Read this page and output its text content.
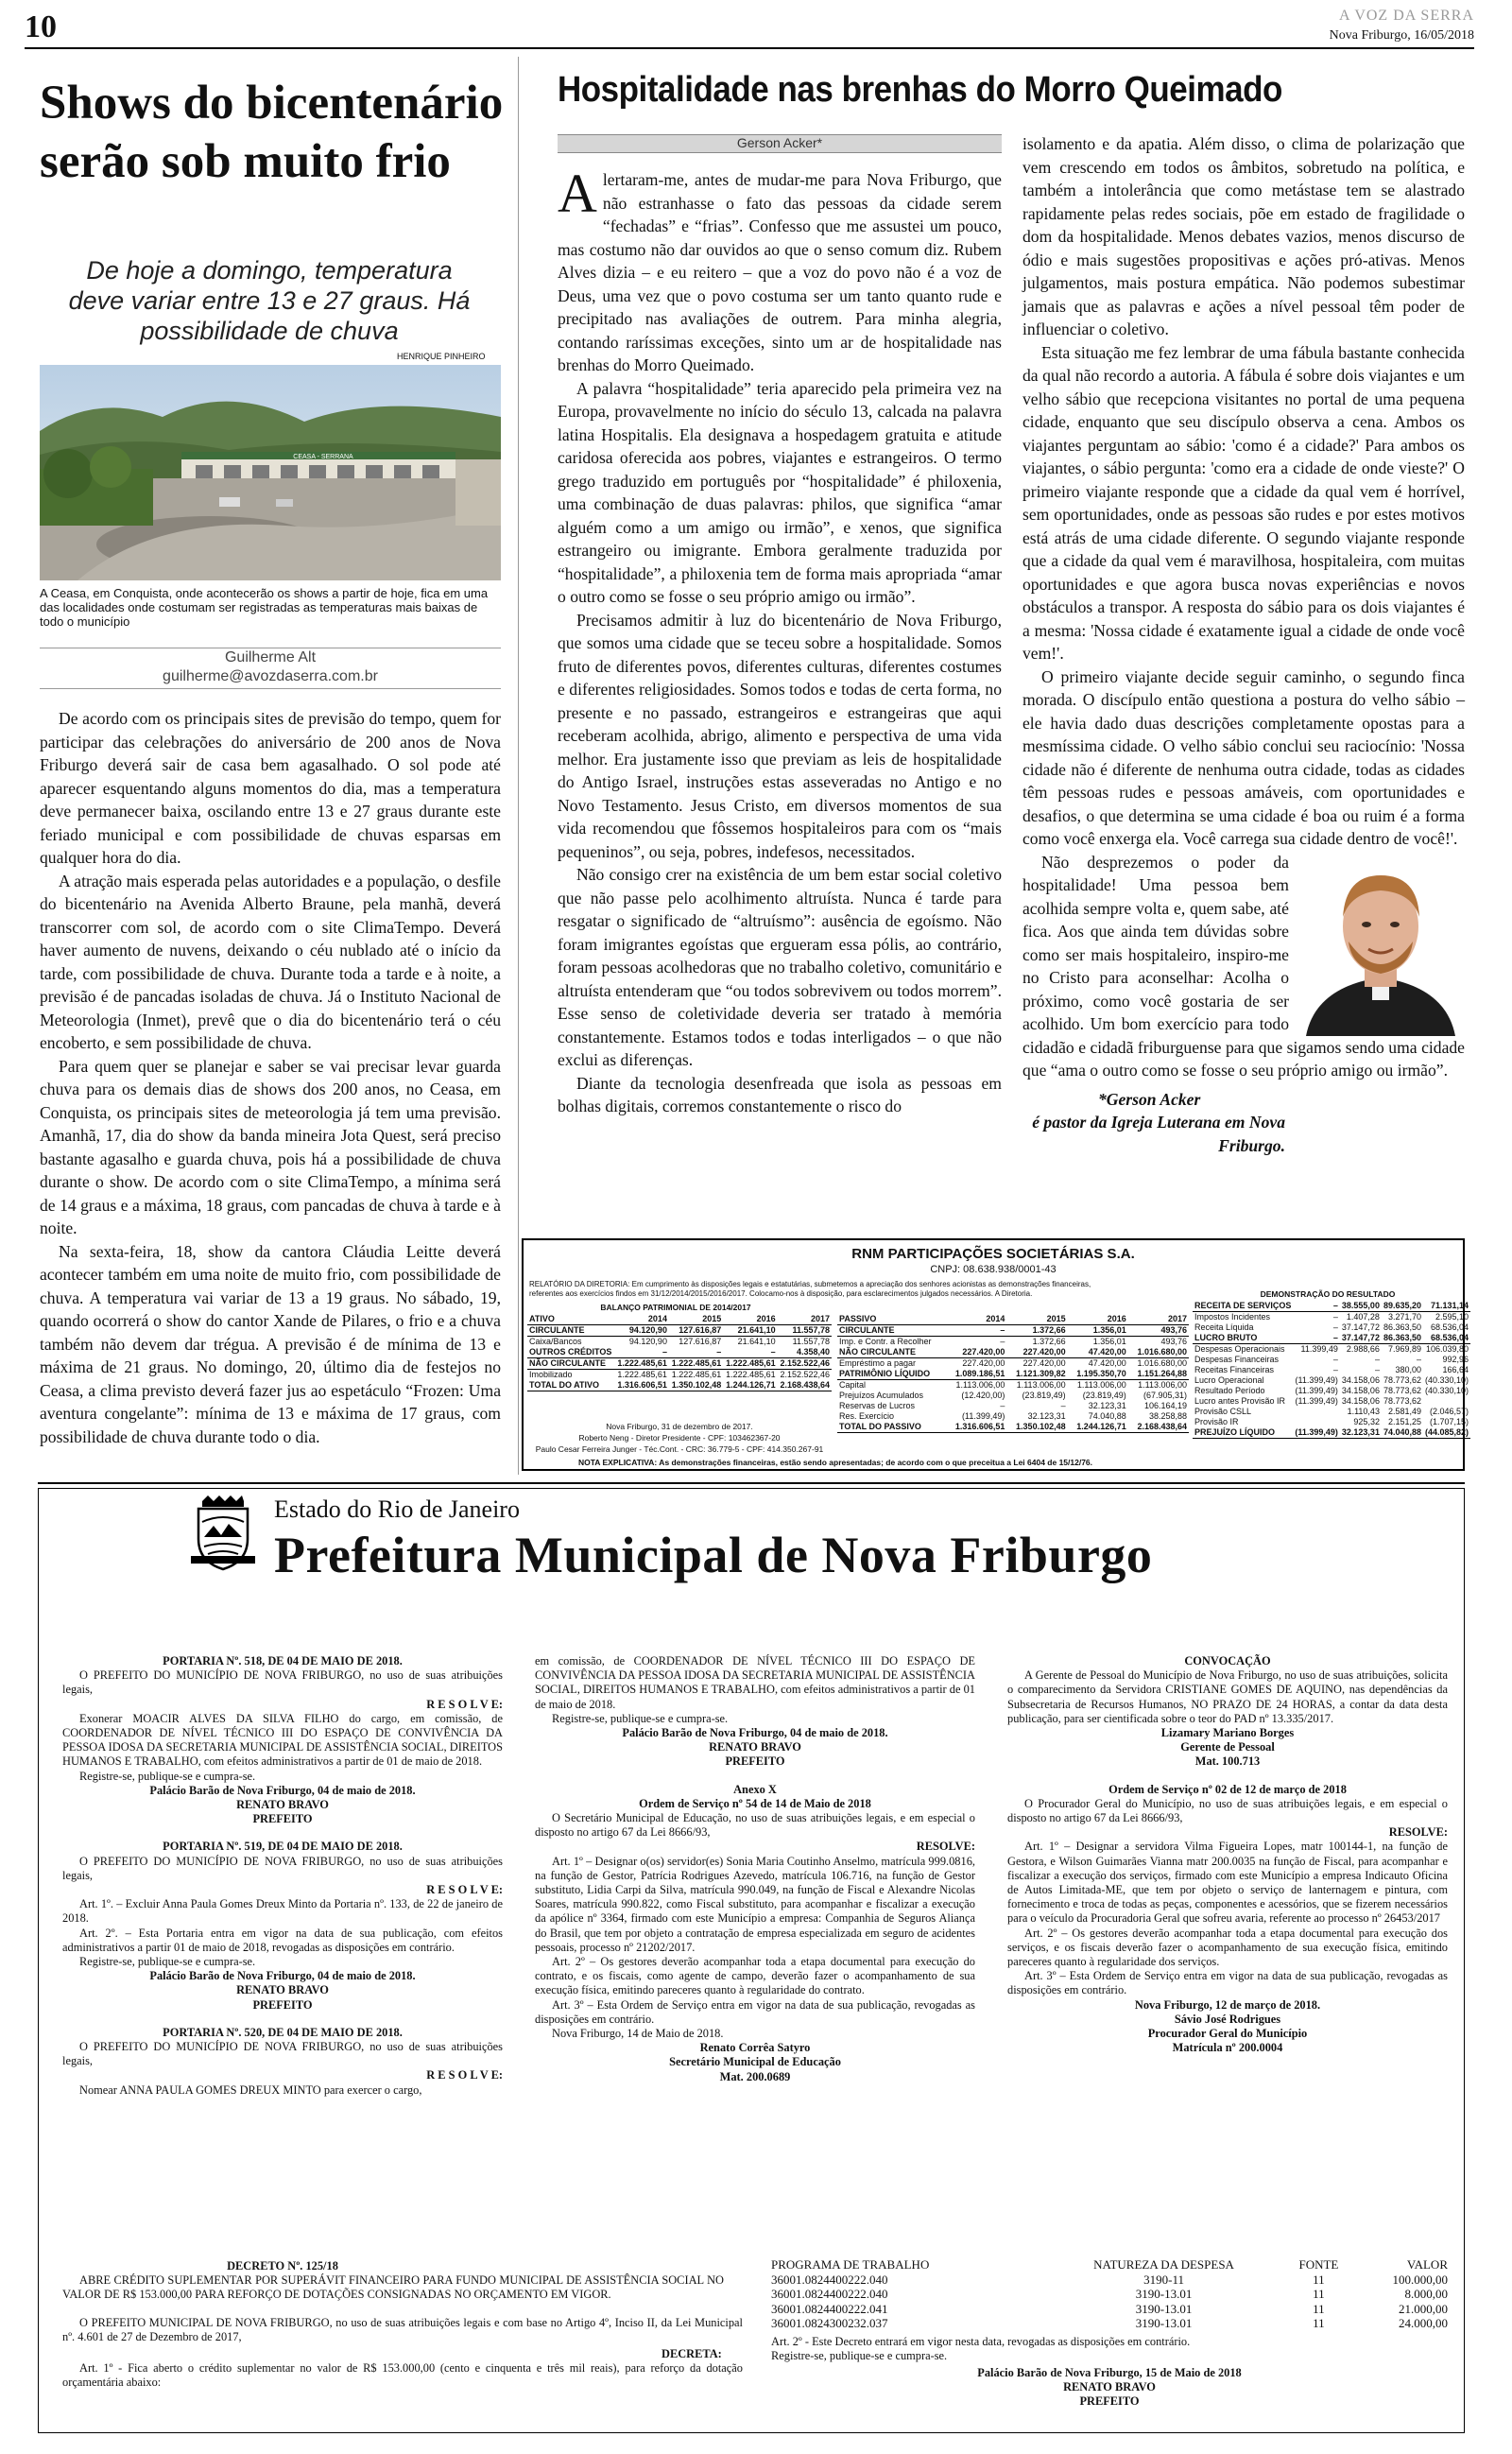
10	A VOZ DA SERRA
Nova Friburgo, 16/05/2018
Shows do bicentenário serão sob muito frio
De hoje a domingo, temperatura deve variar entre 13 e 27 graus. Há possibilidade de chuva
HENRIQUE PINHEIRO
CEASA - SERRANA
A Ceasa, em Conquista, onde acontecerão os shows a partir de hoje, fica em uma das localidades onde costumam ser registradas as temperaturas mais baixas de todo o município
Guilherme Alt
guilherme@avozdaserra.com.br

De acordo com os principais sites de previsão do tempo, quem for participar das celebrações do aniversário de 200 anos de Nova Friburgo deverá sair de casa bem agasalhado. O sol pode até aparecer esquentando alguns momentos do dia, mas a temperatura deve permanecer baixa, oscilando entre 13 e 27 graus durante este feriado municipal e com possibilidade de chuvas esparsas em qualquer hora do dia.

A atração mais esperada pelas autoridades e a população, o desfile do bicentenário na Avenida Alberto Braune, pela manhã, deverá transcorrer com sol, de acordo com o site ClimaTempo. Deverá haver aumento de nuvens, deixando o céu nublado até o início da tarde, com possibilidade de chuva. Durante toda a tarde e à noite, a previsão é de pancadas isoladas de chuva. Já o Instituto Nacional de Meteorologia (Inmet), prevê que o dia do bicentenário terá o céu encoberto, e sem possibilidade de chuva.

Para quem quer se planejar e saber se vai precisar levar guarda chuva para os demais dias de shows dos 200 anos, no Ceasa, em Conquista, os principais sites de meteorologia já tem uma previsão. Amanhã, 17, dia do show da banda mineira Jota Quest, será preciso bastante agasalho e guarda chuva, pois há a possibilidade de chuva durante o show. De acordo com o site ClimaTempo, a mínima será de 14 graus e a máxima, 18 graus, com pancadas de chuva à tarde e à noite.

Na sexta-feira, 18, show da cantora Cláudia Leitte deverá acontecer também em uma noite de muito frio, com possibilidade de chuva. A temperatura vai variar de 13 a 19 graus. No sábado, 19, quando ocorrerá o show do cantor Xande de Pilares, o frio e a chuva também não devem dar trégua. A previsão é de mínima de 13 e máxima de 21 graus. No domingo, 20, último dia de festejos no Ceasa, a clima previsto deverá fazer jus ao espetáculo “Frozen: Uma aventura congelante”: mínima de 13 e máxima de 17 graus, com possibilidade de chuva durante todo o dia.

Hospitalidade nas brenhas do Morro Queimado
Gerson Acker*

A lertaram-me, antes de mudar-me para Nova Friburgo, que não estranhasse o fato das pessoas da cidade serem “fechadas” e “frias”. Confesso que me assustei um pouco, mas costumo não dar ouvidos ao que o senso comum diz. Rubem Alves dizia – e eu reitero – que a voz do povo não é a voz de Deus, uma vez que o povo costuma ser um tanto quanto rude e precipitado nas avaliações de outrem. Para minha alegria, contando raríssimas exceções, sinto um ar de hospitalidade nas brenhas do Morro Queimado.

A palavra “hospitalidade” teria aparecido pela primeira vez na Europa, provavelmente no início do século 13, calcada na palavra latina Hospitalis. Ela designava a hospedagem gratuita e atitude caridosa oferecida aos pobres, viajantes e estrangeiros. O termo grego traduzido em português por “hospitalidade” é philoxenia, uma combinação de duas palavras: philos, que significa “amar alguém como a um amigo ou irmão”, e xenos, que significa estrangeiro ou imigrante. Embora geralmente traduzida por “hospitalidade”, a philoxenia tem de forma mais apropriada “amar o outro como se fosse o seu próprio amigo ou irmão”.

Precisamos admitir à luz do bicentenário de Nova Friburgo, que somos uma cidade que se teceu sobre a hospitalidade. Somos fruto de diferentes povos, diferentes culturas, diferentes costumes e diferentes religiosidades. Somos todos e todas de certa forma, no presente e no passado, estrangeiros e estrangeiras que aqui receberam acolhida, abrigo, alimento e perspectiva de uma vida melhor. Era justamente isso que previam as leis de hospitalidade do Antigo Israel, instruções estas asseveradas no Antigo e no Novo Testamento. Jesus Cristo, em diversos momentos de sua vida recomendou que fôssemos hospitaleiros para com os “mais pequeninos”, ou seja, pobres, indefesos, necessitados.

Não consigo crer na existência de um bem estar social coletivo que não passe pelo acolhimento altruísta. Nunca é tarde para resgatar o significado de “altruísmo”: ausência de egoísmo. Não foram imigrantes egoístas que ergueram essa pólis, ao contrário, foram pessoas acolhedoras que no trabalho coletivo, comunitário e altruísta entenderam que “ou todos sobrevivem ou todos morrem”. Esse senso de coletividade deveria ser tratado à memória constantemente. Estamos todos e todas interligados – o que não exclui as diferenças.

Diante da tecnologia desenfreada que isola as pessoas em bolhas digitais, corremos constantemente o risco do

isolamento e da apatia. Além disso, o clima de polarização que vem crescendo em todos os âmbitos, sobretudo na política, e também a intolerância que como metástase tem se alastrado rapidamente pelas redes sociais, põe em estado de fragilidade o dom da hospitalidade. Menos debates vazios, menos discurso de ódio e mais sugestões propositivas e ações pró-ativas. Menos julgamentos, mais postura empática. Não podemos subestimar jamais que as palavras e ações a nível pessoal têm poder de influenciar o coletivo.

Esta situação me fez lembrar de uma fábula bastante conhecida da qual não recordo a autoria. A fábula é sobre dois viajantes e um velho sábio que recepciona visitantes no portal de uma pequena cidade, enquanto que seu discípulo observa a cena. Ambos os viajantes perguntam ao sábio: 'como é a cidade?' Para ambos os viajantes, o sábio pergunta: 'como era a cidade de onde vieste?' O primeiro viajante responde que a cidade da qual vem é horrível, sem oportunidades, onde as pessoas são rudes e por estes motivos está atrás de uma cidade diferente. O segundo viajante responde que a cidade da qual vem é maravilhosa, hospitaleira, com muitas oportunidades e que agora busca novas experiências e novos obstáculos a transpor. A resposta do sábio para os dois viajantes é a mesma: 'Nossa cidade é exatamente igual a cidade de onde você vem!'.

O primeiro viajante decide seguir caminho, o segundo finca morada. O discípulo então questiona a postura do velho sábio – ele havia dado duas descrições completamente opostas para a mesmíssima cidade. O velho sábio conclui seu raciocínio: 'Nossa cidade não é diferente de nenhuma outra cidade, todas as cidades têm pessoas rudes e pessoas amáveis, com oportunidades e desafios, o que determina se uma cidade é boa ou ruim é a forma como você enxerga ela. Você carrega sua cidade dentro de você!'.

Não desprezemos o poder da hospitalidade! Uma pessoa bem acolhida sempre volta e, quem sabe, até fica. Aos que ainda tem dúvidas sobre como ser mais hospitaleiro, inspiro-me no Cristo para aconselhar: Acolha o próximo, como você gostaria de ser acolhido. Um bom exercício para todo cidadão e cidadã friburguense para que sigamos sendo uma cidade que “ama o outro como se fosse o seu próprio amigo ou irmão”.

*Gerson Acker

é pastor da Igreja Luterana em Nova Friburgo.

RNM PARTICIPAÇÕES SOCIETÁRIAS S.A.
CNPJ: 08.638.938/0001-43
RELATÓRIO DA DIRETORIA: Em cumprimento às disposições legais e estatutárias, submetemos a apreciação dos senhores acionistas as demonstrações financeiras, referentes aos exercícios findos em 31/12/2014/2015/2016/2017. Colocamo-nos à disposição, para esclarecimentos julgados necessários. A Diretoria.
BALANÇO PATRIMONIAL DE 2014/2017
DEMONSTRAÇÃO DO RESULTADO
ATIVO	2014	2015	2016	2017
CIRCULANTE	94.120,90	127.616,87	21.641,10	11.557,78
Caixa/Bancos	94.120,90	127.616,87	21.641,10	11.557,78
OUTROS CRÉDITOS	–	–	–	4.358,40
NÃO CIRCULANTE	1.222.485,61	1.222.485,61	1.222.485,61	2.152.522,46
Imobilizado	1.222.485,61	1.222.485,61	1.222.485,61	2.152.522,46
TOTAL DO ATIVO	1.316.606,51	1.350.102,48	1.244.126,71	2.168.438,64
PASSIVO	2014	2015	2016	2017
CIRCULANTE	–	1.372,66	1.356,01	493,76
Imp. e Contr. a Recolher	–	1.372,66	1.356,01	493,76
NÃO CIRCULANTE	227.420,00	227.420,00	47.420,00	1.016.680,00
Empréstimo a pagar	227.420,00	227.420,00	47.420,00	1.016.680,00
PATRIMÔNIO LÍQUIDO	1.089.186,51	1.121.309,82	1.195.350,70	1.151.264,88
Capital	1.113.006,00	1.113.006,00	1.113.006,00	1.113.006,00
Prejuízos Acumulados	(12.420,00)	(23.819,49)	(23.819,49)	(67.905,31)
Reservas de Lucros	–	–	32.123,31	106.164,19
Res. Exercício	(11.399,49)	32.123,31	74.040,88	38.258,88
TOTAL DO PASSIVO	1.316.606,51	1.350.102,48	1.244.126,71	2.168.438,64
RECEITA DE SERVIÇOS	–	38.555,00	89.635,20	71.131,14
Impostos Incidentes	–	1.407,28	3.271,70	2.595,10
Receita Líquida	–	37.147,72	86.363,50	68.536,04
LUCRO BRUTO	–	37.147,72	86.363,50	68.536,04
Despesas Operacionais	11.399,49	2.988,66	7.969,89	106.039,80
Despesas Financeiras	–	–	–	992,96
Receitas Financeiras	–	–	380,00	166,64
Lucro Operacional	(11.399,49)	34.158,06	78.773,62	(40.330,10)
Resultado Período	(11.399,49)	34.158,06	78.773,62	(40.330,10)
Lucro antes Provisão IR	(11.399,49)	34.158,06	78.773,62	
Provisão CSLL		1.110,43	2.581,49	(2.046,57)
Provisão IR		925,32	2.151,25	(1.707,15)
PREJUÍZO LÍQUIDO	(11.399,49)	32.123,31	74.040,88	(44.085,82)
Nova Friburgo, 31 de dezembro de 2017.
Roberto Neng - Diretor Presidente - CPF: 103462367-20
Paulo Cesar Ferreira Junger - Téc.Cont. - CRC: 36.779-5 - CPF: 414.350.267-91
NOTA EXPLICATIVA: As demonstrações financeiras, estão sendo apresentadas; de acordo com o que preceitua a Lei 6404 de 15/12/76.
Estado do Rio de Janeiro
Prefeitura Municipal de Nova Friburgo

PORTARIA Nº. 518, DE 04 DE MAIO DE 2018.

O PREFEITO DO MUNICÍPIO DE NOVA FRIBURGO, no uso de suas atribuições legais,

R E S O L V E:

Exonerar MOACIR ALVES DA SILVA FILHO do cargo, em comissão, de COORDENADOR DE NÍVEL TÉCNICO III DO ESPAÇO DE CONVIVÊNCIA DA PESSOA IDOSA DA SECRETARIA MUNICIPAL DE ASSISTÊNCIA SOCIAL, DIREITOS HUMANOS E TRABALHO, com efeitos administrativos a partir de 01 de maio de 2018.

Registre-se, publique-se e cumpra-se.

Palácio Barão de Nova Friburgo, 04 de maio de 2018.

RENATO BRAVO

PREFEITO

PORTARIA Nº. 519, DE 04 DE MAIO DE 2018.

O PREFEITO DO MUNICÍPIO DE NOVA FRIBURGO, no uso de suas atribuições legais,

R E S O L V E:

Art. 1º. – Excluir Anna Paula Gomes Dreux Minto da Portaria nº. 133, de 22 de janeiro de 2018.

Art. 2º. – Esta Portaria entra em vigor na data de sua publicação, com efeitos administrativos a partir 01 de maio de 2018, revogadas as disposições em contrário.

Registre-se, publique-se e cumpra-se.

Palácio Barão de Nova Friburgo, 04 de maio de 2018.

RENATO BRAVO

PREFEITO

PORTARIA Nº. 520, DE 04 DE MAIO DE 2018.

O PREFEITO DO MUNICÍPIO DE NOVA FRIBURGO, no uso de suas atribuições legais,

R E S O L V E:

Nomear ANNA PAULA GOMES DREUX MINTO para exercer o cargo,

em comissão, de COORDENADOR DE NÍVEL TÉCNICO III DO ESPAÇO DE CONVIVÊNCIA DA PESSOA IDOSA DA SECRETARIA MUNICIPAL DE ASSISTÊNCIA SOCIAL, DIREITOS HUMANOS E TRABALHO, com efeitos administrativos a partir de 01 de maio de 2018.

Registre-se, publique-se e cumpra-se.

Palácio Barão de Nova Friburgo, 04 de maio de 2018.

RENATO BRAVO

PREFEITO

Anexo X

Ordem de Serviço nº 54 de 14 de Maio de 2018

O Secretário Municipal de Educação, no uso de suas atribuições legais, e em especial o disposto no artigo 67 da Lei 8666/93,

RESOLVE:

Art. 1º – Designar o(os) servidor(es) Sonia Maria Coutinho Anselmo, matrícula 999.0816, na função de Gestor, Patrícia Rodrigues Azevedo, matrícula 106.716, na função de Gestor substituto, Lidia Carpi da Silva, matrícula 990.049, na função de Fiscal e Alexandre Nicolas Soares, matrícula 990.822, como Fiscal substituto, para acompanhar e fiscalizar a execução da apólice nº 3364, firmado com este Município a empresa: Companhia de Seguros Aliança do Brasil, que tem por objeto a contratação de empresa especializada em seguro de acidentes pessoais, processo nº 21202/2017.

Art. 2º – Os gestores deverão acompanhar toda a etapa documental para execução do contrato, e os fiscais, como agente de campo, deverão fazer o acompanhamento de sua execução física, emitindo pareceres quanto à regularidade do contrato.

Art. 3º – Esta Ordem de Serviço entra em vigor na data de sua publicação, revogadas as disposições em contrário.

Nova Friburgo, 14 de Maio de 2018.

Renato Corrêa Satyro

Secretário Municipal de Educação

Mat. 200.0689

CONVOCAÇÃO

A Gerente de Pessoal do Município de Nova Friburgo, no uso de suas atribuições, solicita o comparecimento da Servidora CRISTIANE GOMES DE AQUINO, nas dependências da Subsecretaria de Recursos Humanos, NO PRAZO DE 24 HORAS, a contar da data desta publicação, para ser cientificada sobre o teor do PAD nº 13.335/2017.

Lizamary Mariano Borges

Gerente de Pessoal

Mat. 100.713

Ordem de Serviço nº 02 de 12 de março de 2018

O Procurador Geral do Município, no uso de suas atribuições legais, e em especial o disposto no artigo 67 da Lei 8666/93,

RESOLVE:

Art. 1º – Designar a servidora Vilma Figueira Lopes, matr 100144-1, na função de Gestora, e Wilson Guimarães Vianna matr 200.0035 na função de Fiscal, para acompanhar e fiscalizar a execução dos serviços, firmado com este Município a empresa Indicauto Oficina de Autos Limitada-ME, que tem por objeto o serviço de lanternagem e pintura, com fornecimento e troca de todas as peças, componentes e acessórios, que se fizerem necessários para o veículo da Procuradoria Geral que sofreu avaria, referente ao processo nº 26453/2017

Art. 2º – Os gestores deverão acompanhar toda a etapa documental para execução dos serviços, e os fiscais deverão fazer o acompanhamento de sua execução física, emitindo pareceres quanto à regularidade dos serviços.

Art. 3º – Esta Ordem de Serviço entra em vigor na data de sua publicação, revogadas as disposições em contrário.

Nova Friburgo, 12 de março de 2018.

Sávio José Rodrigues

Procurador Geral do Município

Matrícula nº 200.0004

DECRETO Nº. 125/18
ABRE CRÉDITO SUPLEMENTAR POR SUPERÁVIT FINANCEIRO PARA FUNDO MUNICIPAL DE ASSISTÊNCIA SOCIAL NO VALOR DE R$ 153.000,00 PARA REFORÇO DE DOTAÇÕES CONSIGNADAS NO ORÇAMENTO EM VIGOR.
O PREFEITO MUNICIPAL DE NOVA FRIBURGO, no uso de suas atribuições legais e com base no Artigo 4º, Inciso II, da Lei Municipal nº. 4.601 de 27 de Dezembro de 2017,
DECRETA:
Art. 1º - Fica aberto o crédito suplementar no valor de R$ 153.000,00 (cento e cinquenta e três mil reais), para reforço da dotação orçamentária abaixo:
PROGRAMA DE TRABALHO	NATUREZA DA DESPESA	FONTE	VALOR
36001.0824400222.040	3190-11	11	100.000,00
36001.0824400222.040	3190-13.01	11	8.000,00
36001.0824400222.041	3190-13.01	11	21.000,00
36001.0824300232.037	3190-13.01	11	24.000,00
Art. 2º - Este Decreto entrará em vigor nesta data, revogadas as disposições em contrário.
Registre-se, publique-se e cumpra-se.
Palácio Barão de Nova Friburgo, 15 de Maio de 2018
RENATO BRAVO
PREFEITO
